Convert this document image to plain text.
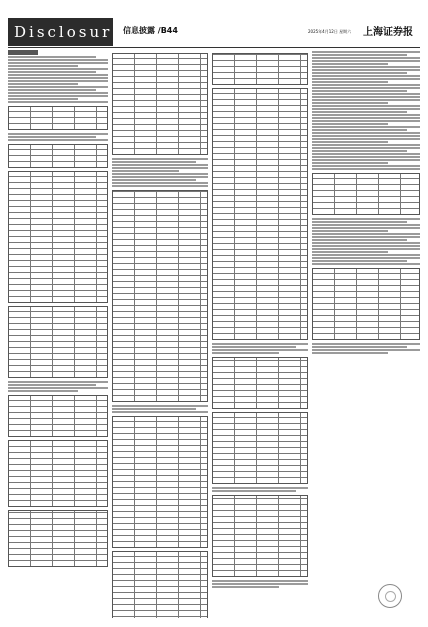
Disclosure
信息披露 /B44	2025年4月12日 星期六 上海证券报
